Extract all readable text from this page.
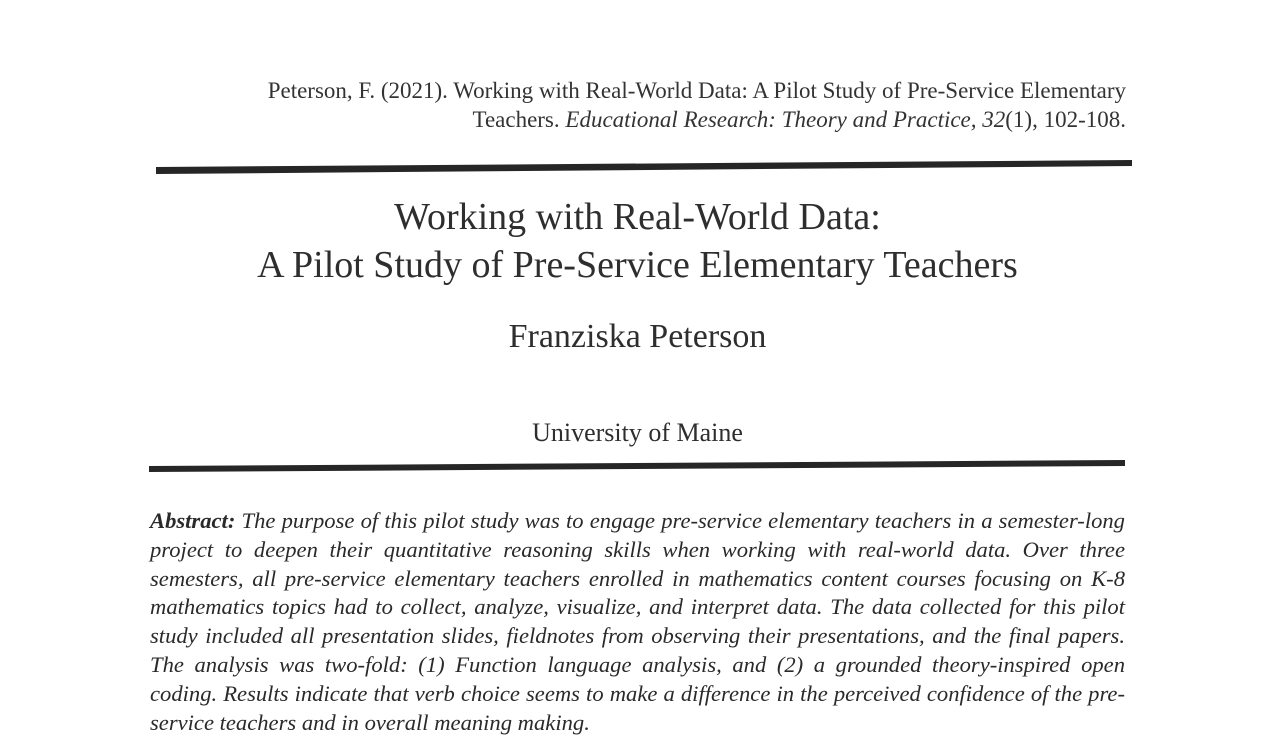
Peterson, F. (2021). Working with Real-World Data: A Pilot Study of Pre-Service Elementary
Teachers. Educational Research: Theory and Practice, 32(1), 102-108.
Working with Real-World Data:
A Pilot Study of Pre-Service Elementary Teachers
Franziska Peterson
University of Maine
Abstract: The purpose of this pilot study was to engage pre-service elementary teachers in a semester-long project to deepen their quantitative reasoning skills when working with real-world data. Over three semesters, all pre-service elementary teachers enrolled in mathematics content courses focusing on K-8 mathematics topics had to collect, analyze, visualize, and interpret data. The data collected for this pilot study included all presentation slides, fieldnotes from observing their presentations, and the final papers. The analysis was two-fold: (1) Function language analysis, and (2) a grounded theory-inspired open coding. Results indicate that verb choice seems to make a difference in the perceived confidence of the pre-service teachers and in overall meaning making.
